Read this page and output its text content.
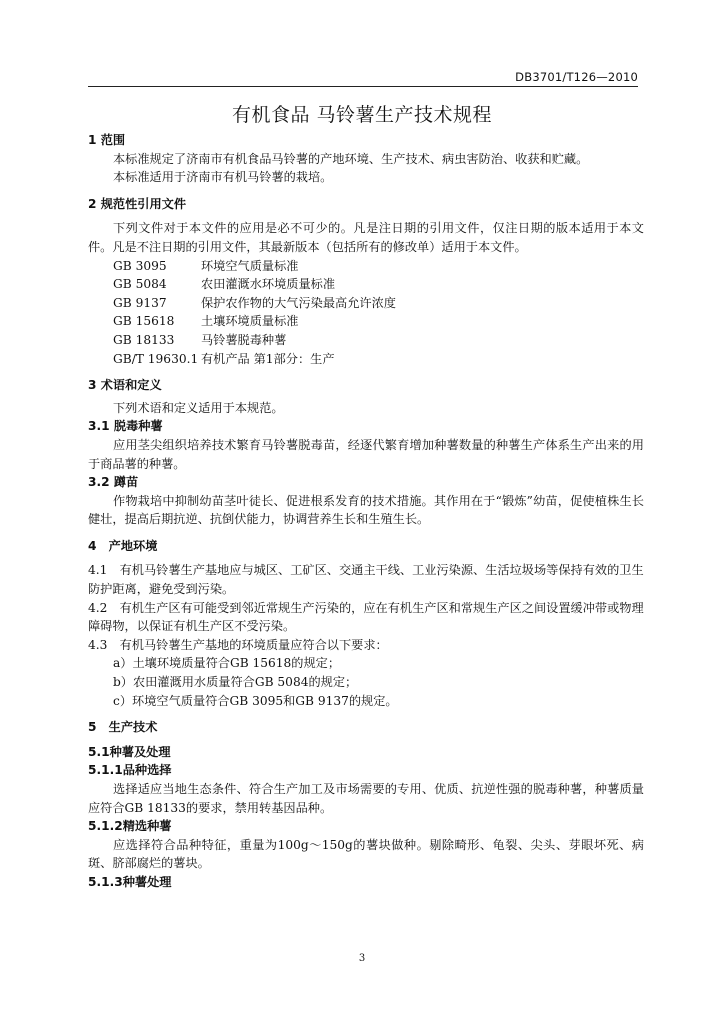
DB3701/T126—2010
有机食品 马铃薯生产技术规程
1 范围
本标准规定了济南市有机食品马铃薯的产地环境、生产技术、病虫害防治、收获和贮藏。
本标准适用于济南市有机马铃薯的栽培。
2 规范性引用文件
下列文件对于本文件的应用是必不可少的。凡是注日期的引用文件，仅注日期的版本适用于本文件。凡是不注日期的引用文件，其最新版本（包括所有的修改单）适用于本文件。
GB 3095	环境空气质量标准
GB 5084	农田灌溉水环境质量标准
GB 9137	保护农作物的大气污染最高允许浓度
GB 15618	土壤环境质量标准
GB 18133	马铃薯脱毒种薯
GB/T 19630.1 有机产品 第1部分：生产
3 术语和定义
下列术语和定义适用于本规范。
3.1 脱毒种薯
应用茎尖组织培养技术繁育马铃薯脱毒苗，经逐代繁育增加种薯数量的种薯生产体系生产出来的用于商品薯的种薯。
3.2 蹲苗
作物栽培中抑制幼苗茎叶徒长、促进根系发育的技术措施。其作用在于“锻炼”幼苗，促使植株生长健壮，提高后期抗逆、抗倒伏能力，协调营养生长和生殖生长。
4　产地环境
4.1　有机马铃薯生产基地应与城区、工矿区、交通主干线、工业污染源、生活垃圾场等保持有效的卫生防护距离，避免受到污染。
4.2　有机生产区有可能受到邻近常规生产污染的，应在有机生产区和常规生产区之间设置缓冲带或物理障碍物，以保证有机生产区不受污染。
4.3　有机马铃薯生产基地的环境质量应符合以下要求：
a）土壤环境质量符合GB 15618的规定；
b）农田灌溉用水质量符合GB 5084的规定；
c）环境空气质量符合GB 3095和GB 9137的规定。
5　生产技术
5.1种薯及处理
5.1.1品种选择
选择适应当地生态条件、符合生产加工及市场需要的专用、优质、抗逆性强的脱毒种薯，种薯质量应符合GB 18133的要求，禁用转基因品种。
5.1.2精选种薯
应选择符合品种特征，重量为100g～150g的薯块做种。剔除畸形、龟裂、尖头、芽眼坏死、病斑、脐部腐烂的薯块。
5.1.3种薯处理
3
